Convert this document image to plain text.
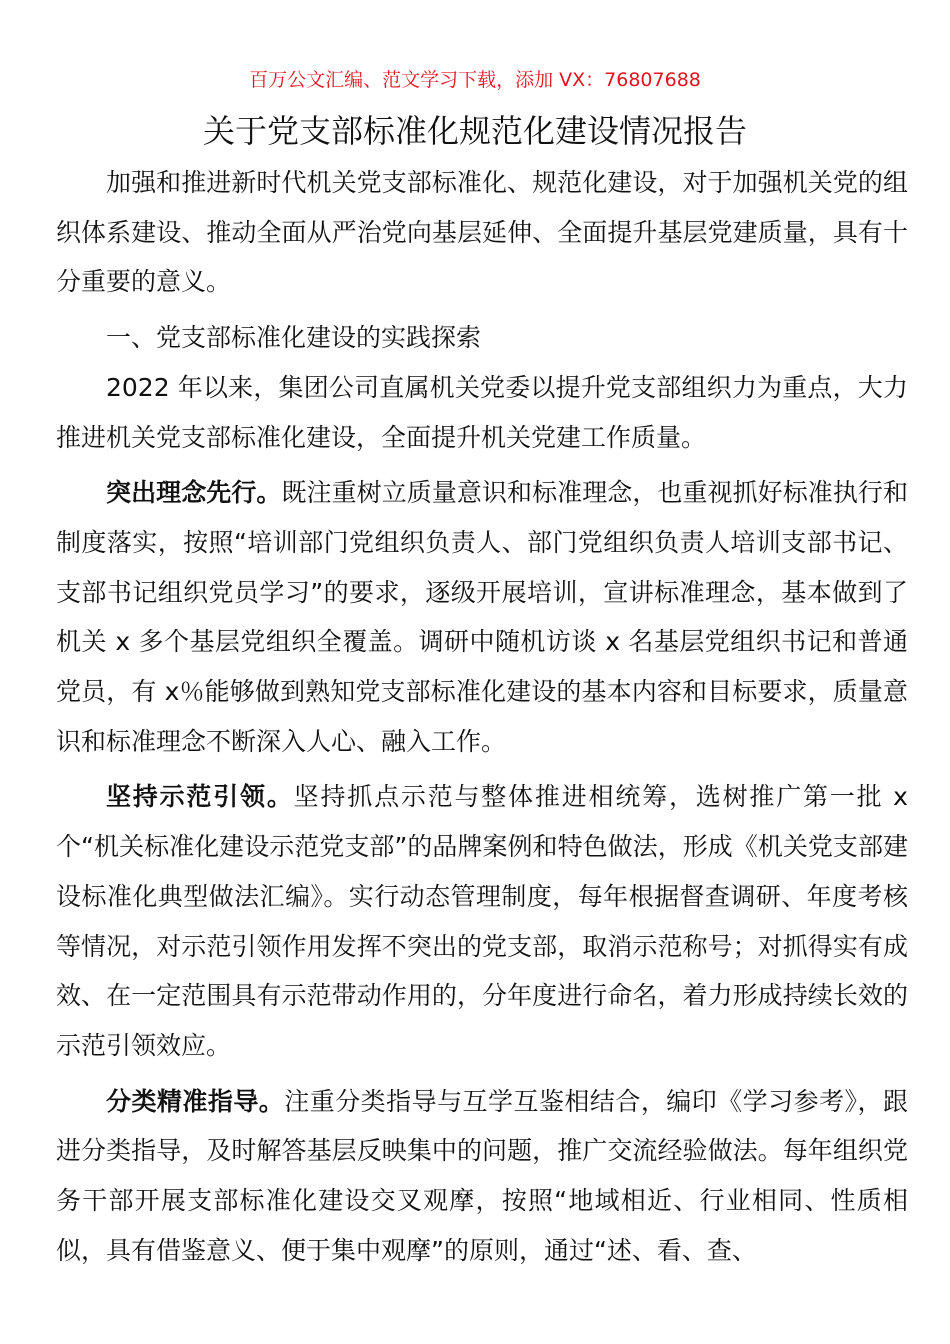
百万公文汇编、范文学习下载，添加 VX：76807688
关于党支部标准化规范化建设情况报告

加强和推进新时代机关党支部标准化、规范化建设，对于加强机关党的组织体系建设、推动全面从严治党向基层延伸、全面提升基层党建质量，具有十分重要的意义。

一、党支部标准化建设的实践探索

2022 年以来，集团公司直属机关党委以提升党支部组织力为重点，大力推进机关党支部标准化建设，全面提升机关党建工作质量。

突出理念先行。既注重树立质量意识和标准理念，也重视抓好标准执行和制度落实，按照“培训部门党组织负责人、部门党组织负责人培训支部书记、支部书记组织党员学习”的要求，逐级开展培训，宣讲标准理念，基本做到了机关 x 多个基层党组织全覆盖。调研中随机访谈 x 名基层党组织书记和普通党员，有 x％能够做到熟知党支部标准化建设的基本内容和目标要求，质量意识和标准理念不断深入人心、融入工作。

坚持示范引领。坚持抓点示范与整体推进相统筹，选树推广第一批 x 个“机关标准化建设示范党支部”的品牌案例和特色做法，形成《机关党支部建设标准化典型做法汇编》。实行动态管理制度，每年根据督查调研、年度考核等情况，对示范引领作用发挥不突出的党支部，取消示范称号；对抓得实有成效、在一定范围具有示范带动作用的，分年度进行命名，着力形成持续长效的示范引领效应。

分类精准指导。注重分类指导与互学互鉴相结合，编印《学习参考》，跟进分类指导，及时解答基层反映集中的问题，推广交流经验做法。每年组织党务干部开展支部标准化建设交叉观摩，按照“地域相近、行业相同、性质相似，具有借鉴意义、便于集中观摩”的原则，通过“述、看、查、
